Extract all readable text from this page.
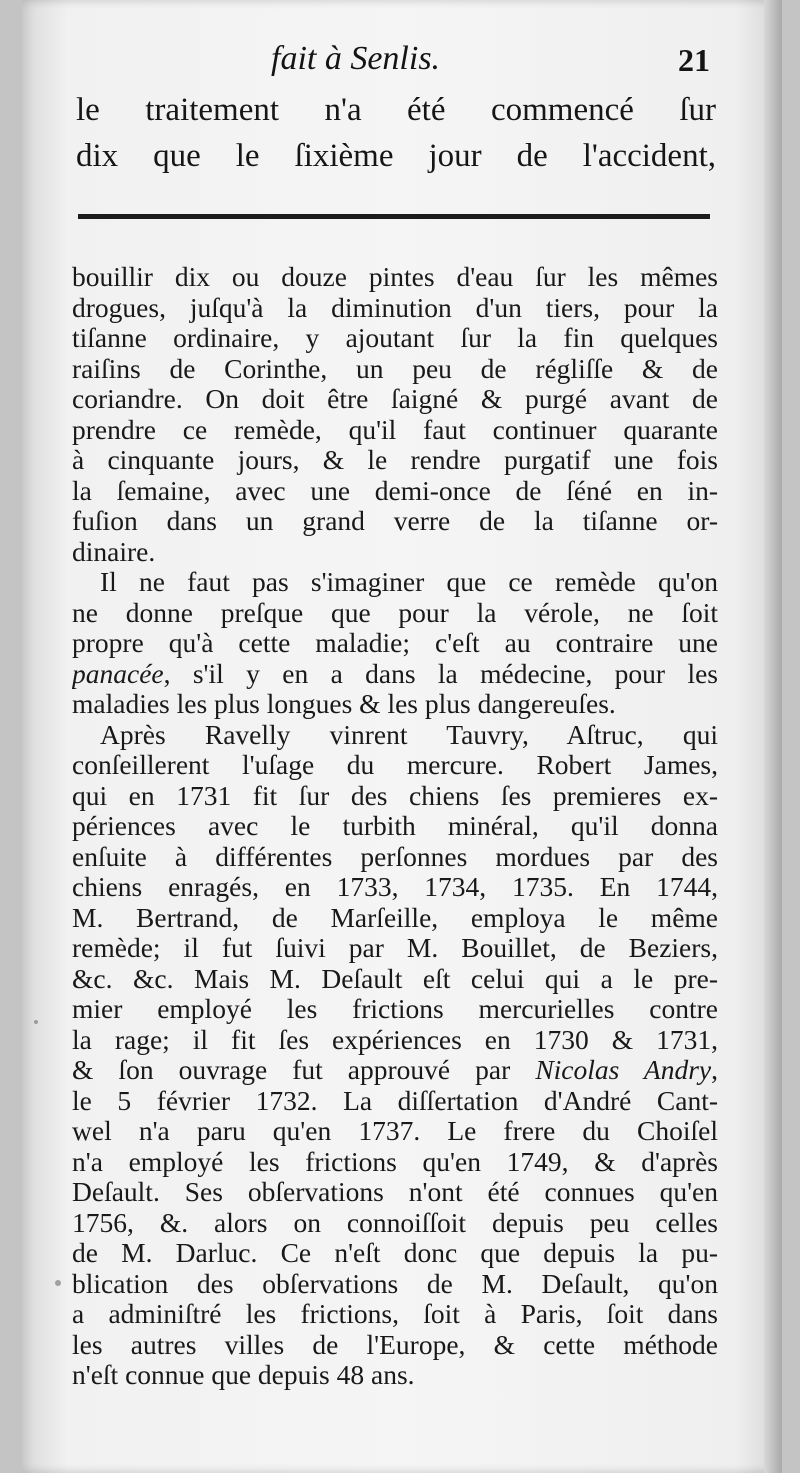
fait à Senlis.	21
le traitement n'a été commencé ſur
dix que le ſixième jour de l'accident,
bouillir dix ou douze pintes d'eau ſur les mêmes
drogues, juſqu'à la diminution d'un tiers, pour la
tiſanne ordinaire, y ajoutant ſur la fin quelques
raiſins de Corinthe, un peu de régliſſe & de
coriandre. On doit être ſaigné & purgé avant de
prendre ce remède, qu'il faut continuer quarante
à cinquante jours, & le rendre purgatif une fois
la ſemaine, avec une demi-once de ſéné en in-
fuſion dans un grand verre de la tiſanne or-
dinaire.
Il ne faut pas s'imaginer que ce remède qu'on
ne donne preſque que pour la vérole, ne ſoit
propre qu'à cette maladie; c'eſt au contraire une
panacée, s'il y en a dans la médecine, pour les
maladies les plus longues & les plus dangereuſes.
Après Ravelly vinrent Tauvry, Aſtruc, qui
conſeillerent l'uſage du mercure. Robert James,
qui en 1731 fit ſur des chiens ſes premieres ex-
périences avec le turbith minéral, qu'il donna
enſuite à différentes perſonnes mordues par des
chiens enragés, en 1733, 1734, 1735. En 1744,
M. Bertrand, de Marſeille, employa le même
remède; il fut ſuivi par M. Bouillet, de Beziers,
&c. &c. Mais M. Deſault eſt celui qui a le pre-
mier employé les frictions mercurielles contre
la rage; il fit ſes expériences en 1730 & 1731,
& ſon ouvrage fut approuvé par Nicolas Andry,
le 5 février 1732. La diſſertation d'André Cant-
wel n'a paru qu'en 1737. Le frere du Choiſel
n'a employé les frictions qu'en 1749, & d'après
Deſault. Ses obſervations n'ont été connues qu'en
1756, &. alors on connoiſſoit depuis peu celles
de M. Darluc. Ce n'eſt donc que depuis la pu-
blication des obſervations de M. Deſault, qu'on
a adminiſtré les frictions, ſoit à Paris, ſoit dans
les autres villes de l'Europe, & cette méthode
n'eſt connue que depuis 48 ans.
